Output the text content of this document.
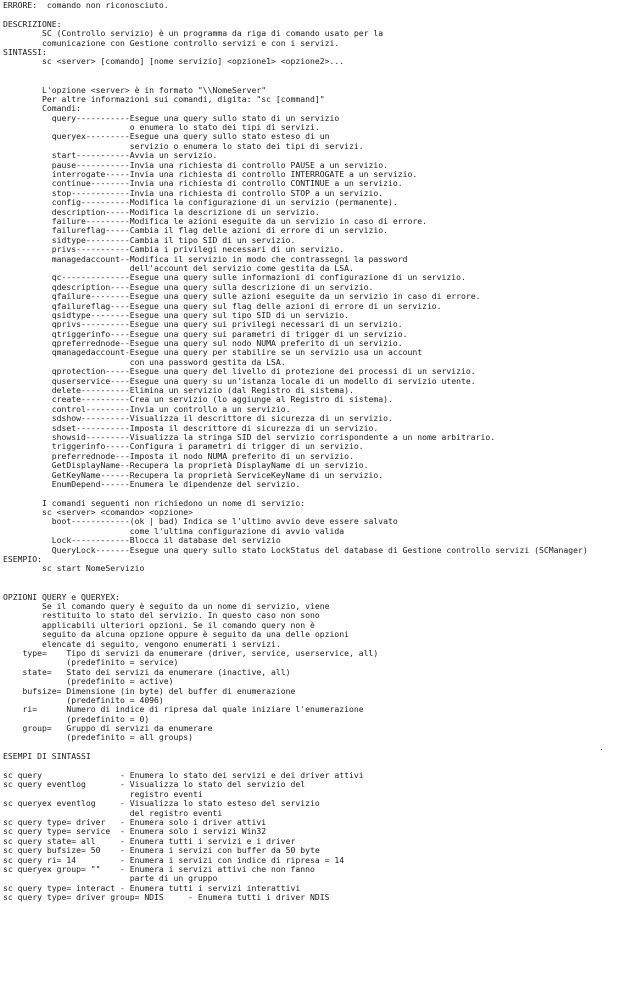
ERRORE:  comando non riconosciuto.
DESCRIZIONE:
SC (Controllo servizio) è un programma da riga di comando usato per la
comunicazione con Gestione controllo servizi e con i servizi.
SINTASSI:
sc <server> [comando] [nome servizio] <opzione1> <opzione2>...
L'opzione <server> è in formato "\\NomeServer"
Per altre informazioni sui comandi, digita: "sc [command]"
Comandi:
query-----------Esegue una query sullo stato di un servizio
o enumera lo stato dei tipi di servizi.
queryex---------Esegue una query sullo stato esteso di un
servizio o enumera lo stato dei tipi di servizi.
start-----------Avvia un servizio.
pause-----------Invia una richiesta di controllo PAUSE a un servizio.
interrogate-----Invia una richiesta di controllo INTERROGATE a un servizio.
continue--------Invia una richiesta di controllo CONTINUE a un servizio.
stop------------Invia una richiesta di controllo STOP a un servizio.
config----------Modifica la configurazione di un servizio (permanente).
description-----Modifica la descrizione di un servizio.
failure---------Modifica le azioni eseguite da un servizio in caso di errore.
failureflag-----Cambia il flag delle azioni di errore di un servizio.
sidtype---------Cambia il tipo SID di un servizio.
privs-----------Cambia i privilegi necessari di un servizio.
managedaccount--Modifica il servizio in modo che contrassegni la password
dell'account del servizio come gestita da LSA.
qc--------------Esegue una query sulle informazioni di configurazione di un servizio.
qdescription----Esegue una query sulla descrizione di un servizio.
qfailure--------Esegue una query sulle azioni eseguite da un servizio in caso di errore.
qfailureflag----Esegue una query sul flag delle azioni di errore di un servizio.
qsidtype--------Esegue una query sul tipo SID di un servizio.
qprivs----------Esegue una query sui privilegi necessari di un servizio.
qtriggerinfo----Esegue una query sui parametri di trigger di un servizio.
qpreferrednode--Esegue una query sul nodo NUMA preferito di un servizio.
qmanagedaccount-Esegue una query per stabilire se un servizio usa un account
con una password gestita da LSA.
qprotection-----Esegue una query del livello di protezione dei processi di un servizio.
quserservice----Esegue una query su un'istanza locale di un modello di servizio utente.
delete----------Elimina un servizio (dal Registro di sistema).
create----------Crea un servizio (lo aggiunge al Registro di sistema).
control---------Invia un controllo a un servizio.
sdshow----------Visualizza il descrittore di sicurezza di un servizio.
sdset-----------Imposta il descrittore di sicurezza di un servizio.
showsid---------Visualizza la stringa SID del servizio corrispondente a un nome arbitrario.
triggerinfo-----Configura i parametri di trigger di un servizio.
preferrednode---Imposta il nodo NUMA preferito di un servizio.
GetDisplayName--Recupera la proprietà DisplayName di un servizio.
GetKeyName------Recupera la proprietà ServiceKeyName di un servizio.
EnumDepend------Enumera le dipendenze del servizio.
I comandi seguenti non richiedono un nome di servizio:
sc <server> <comando> <opzione>
boot------------(ok | bad) Indica se l'ultimo avvio deve essere salvato
come l'ultima configurazione di avvio valida
Lock------------Blocca il database del servizio
QueryLock-------Esegue una query sullo stato LockStatus del database di Gestione controllo servizi (SCManager)
ESEMPIO:
sc start NomeServizio
OPZIONI QUERY e QUERYEX:
Se il comando query è seguito da un nome di servizio, viene
restituito lo stato del servizio. In questo caso non sono
applicabili ulteriori opzioni. Se il comando query non è
seguito da alcuna opzione oppure è seguito da una delle opzioni
elencate di seguito, vengono enumerati i servizi.
type=    Tipo di servizi da enumerare (driver, service, userservice, all)
(predefinito = service)
state=   Stato dei servizi da enumerare (inactive, all)
(predefinito = active)
bufsize= Dimensione (in byte) del buffer di enumerazione
(predefinito = 4096)
ri=      Numero di indice di ripresa dal quale iniziare l'enumerazione
(predefinito = 0)
group=   Gruppo di servizi da enumerare
(predefinito = all groups)
ESEMPI DI SINTASSI
sc query                - Enumera lo stato dei servizi e dei driver attivi
sc query eventlog       - Visualizza lo stato del servizio del
registro eventi
sc queryex eventlog     - Visualizza lo stato esteso del servizio
del registro eventi
sc query type= driver   - Enumera solo i driver attivi
sc query type= service  - Enumera solo i servizi Win32
sc query state= all     - Enumera tutti i servizi e i driver
sc query bufsize= 50    - Enumera i servizi con buffer da 50 byte
sc query ri= 14         - Enumera i servizi con indice di ripresa = 14
sc queryex group= ""    - Enumera i servizi attivi che non fanno
parte di un gruppo
sc query type= interact - Enumera tutti i servizi interattivi
sc query type= driver group= NDIS     - Enumera tutti i driver NDIS
